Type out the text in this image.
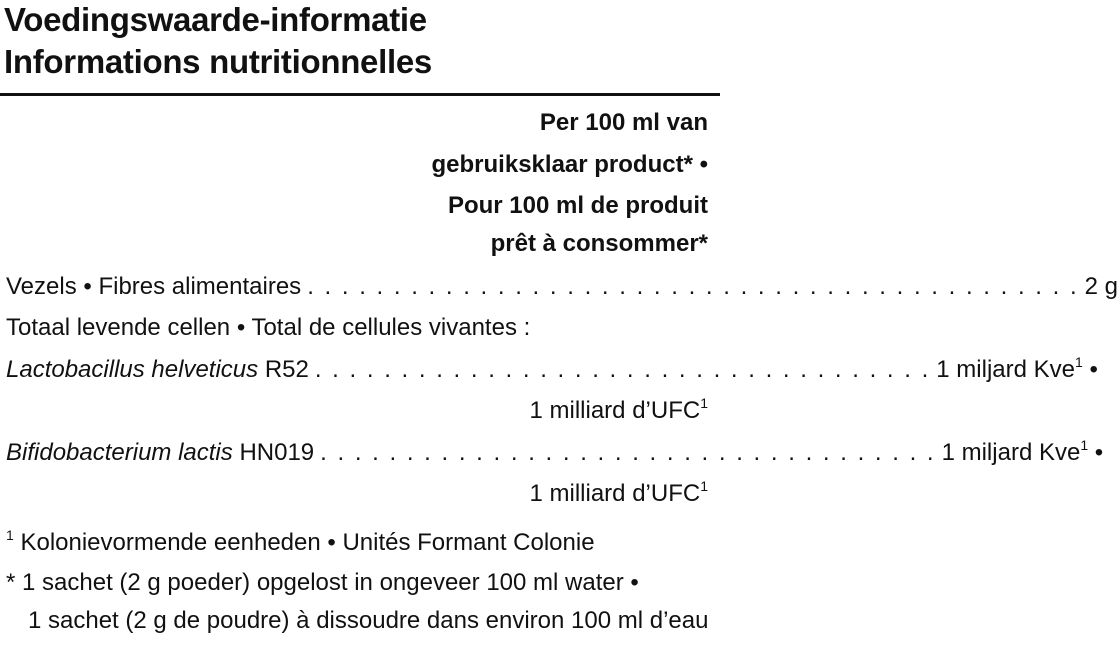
Voedingswaarde-informatie
Informations nutritionnelles
Per 100 ml van
gebruiksklaar product* •
Pour 100 ml de produit
prêt à consommer*
Vezels • Fibres alimentaires . . . . . . . . . . . . . . . . . . . . . . . . . . . . . . . . . . . . . . . . . . . . . 2 g
Totaal levende cellen • Total de cellules vivantes :
Lactobacillus helveticus R52 . . . . . . . . . . . . . . . . . . . . . . . . . . . . . . . . . . . . 1 miljard Kve$^1$ •
1 milliard d’UFC$^1$
Bifidobacterium lactis HN019 . . . . . . . . . . . . . . . . . . . . . . . . . . . . . . . . . . . . 1 miljard Kve$^1$ •
1 milliard d’UFC$^1$
$^1$ Kolonievormende eenheden • Unités Formant Colonie
* 1 sachet (2 g poeder) opgelost in ongeveer 100 ml water •
1 sachet (2 g de poudre) à dissoudre dans environ 100 ml d’eau
